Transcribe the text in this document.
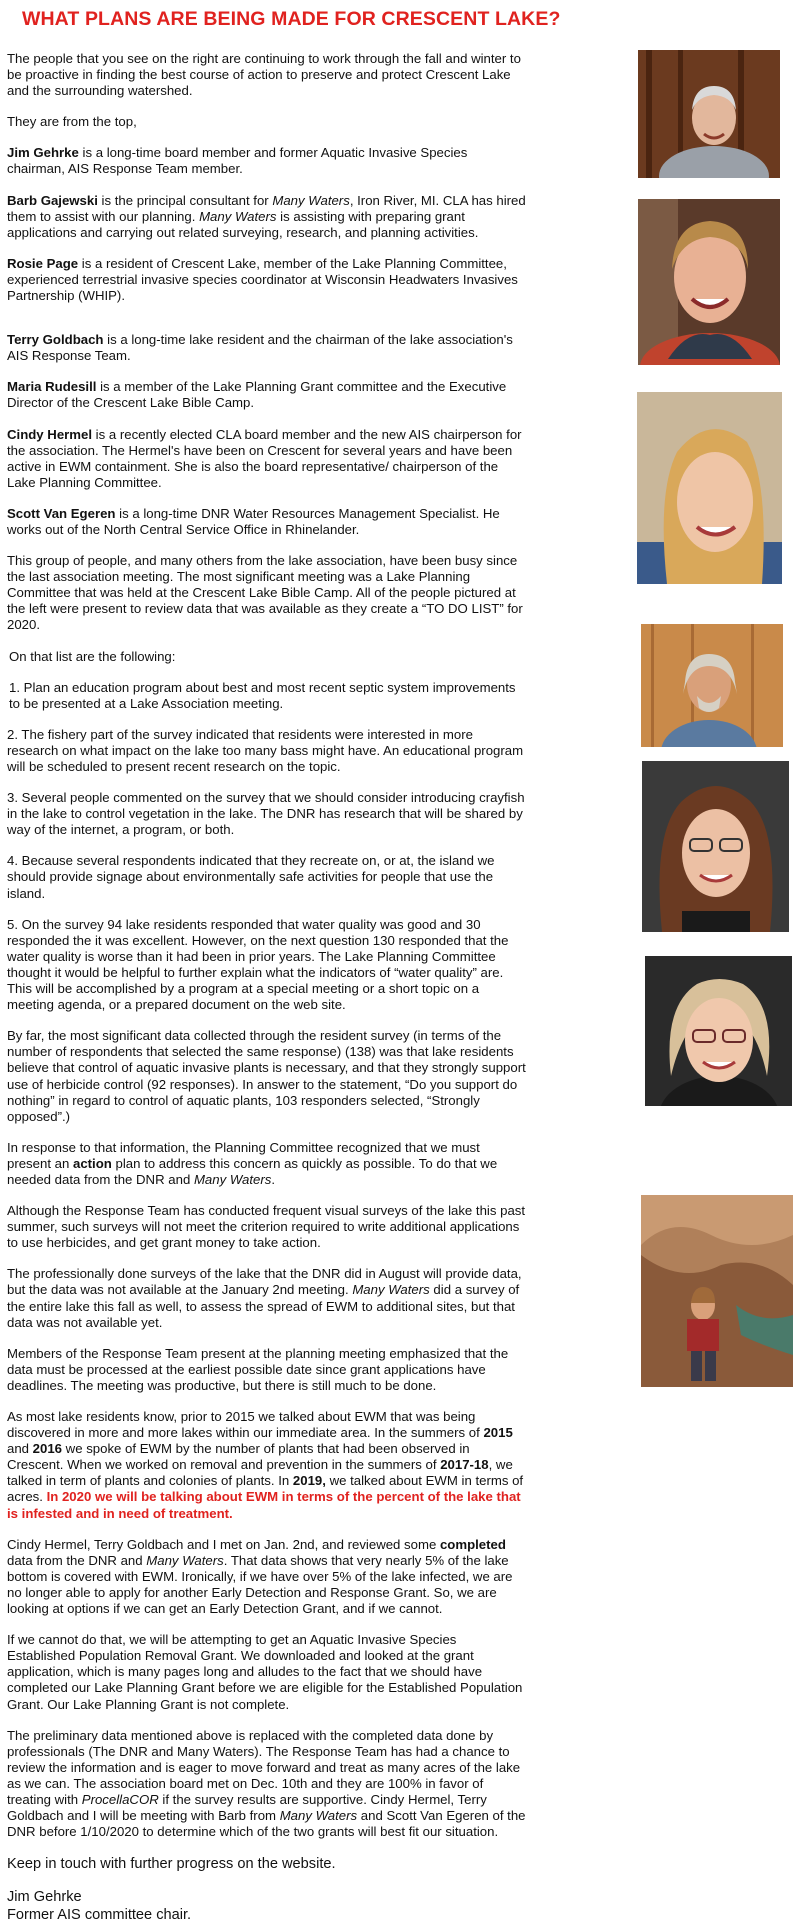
WHAT PLANS ARE BEING MADE FOR CRESCENT LAKE?

The people that you see on the right are continuing to work through the fall and winter to be proactive in finding the best course of action to preserve and protect Crescent Lake and the surrounding watershed.

They are from the top,

Jim Gehrke is a long-time board member and former Aquatic Invasive Species chairman, AIS Response Team member.

Barb Gajewski is the principal consultant for Many Waters, Iron River, MI. CLA has hired them to assist with our planning. Many Waters is assisting with preparing grant applications and carrying out related surveying, research, and planning activities.

Rosie Page is a resident of Crescent Lake, member of the Lake Planning Committee, experienced terrestrial invasive species coordinator at Wisconsin Headwaters Invasives Partnership (WHIP).

Terry Goldbach is a long-time lake resident and the chairman of the lake association's AIS Response Team.

Maria Rudesill is a member of the Lake Planning Grant committee and the Executive Director of the Crescent Lake Bible Camp.

Cindy Hermel is a recently elected CLA board member and the new AIS chairperson for the association. The Hermel's have been on Crescent for several years and have been active in EWM containment. She is also the board representative/ chairperson of the Lake Planning Committee.

Scott Van Egeren is a long-time DNR Water Resources Management Specialist. He works out of the North Central Service Office in Rhinelander.

This group of people, and many others from the lake association, have been busy since the last association meeting. The most significant meeting was a Lake Planning Committee that was held at the Crescent Lake Bible Camp. All of the people pictured at the left were present to review data that was available as they create a “TO DO LIST” for 2020.

On that list are the following:

1. Plan an education program about best and most recent septic system improvements to be presented at a Lake Association meeting.

2. The fishery part of the survey indicated that residents were interested in more research on what impact on the lake too many bass might have. An educational program will be scheduled to present recent research on the topic.

3. Several people commented on the survey that we should consider introducing crayfish in the lake to control vegetation in the lake. The DNR has research that will be shared by way of the internet, a program, or both.

4. Because several respondents indicated that they recreate on, or at, the island we should provide signage about environmentally safe activities for people that use the island.

5. On the survey 94 lake residents responded that water quality was good and 30 responded the it was excellent. However, on the next question 130 responded that the water quality is worse than it had been in prior years. The Lake Planning Committee thought it would be helpful to further explain what the indicators of “water quality” are. This will be accomplished by a program at a special meeting or a short topic on a meeting agenda, or a prepared document on the web site.

By far, the most significant data collected through the resident survey (in terms of the number of respondents that selected the same response) (138) was that lake residents believe that control of aquatic invasive plants is necessary, and that they strongly support use of herbicide control (92 responses). In answer to the statement, “Do you support do nothing” in regard to control of aquatic plants, 103 responders selected, “Strongly opposed”.)

In response to that information, the Planning Committee recognized that we must present an action plan to address this concern as quickly as possible. To do that we needed data from the DNR and Many Waters.

Although the Response Team has conducted frequent visual surveys of the lake this past summer, such surveys will not meet the criterion required to write additional applications to use herbicides, and get grant money to take action.

The professionally done surveys of the lake that the DNR did in August will provide data, but the data was not available at the January 2nd meeting. Many Waters did a survey of the entire lake this fall as well, to assess the spread of EWM to additional sites, but that data was not available yet.

Members of the Response Team present at the planning meeting emphasized that the data must be processed at the earliest possible date since grant applications have deadlines. The meeting was productive, but there is still much to be done.

As most lake residents know, prior to 2015 we talked about EWM that was being discovered in more and more lakes within our immediate area. In the summers of 2015 and 2016 we spoke of EWM by the number of plants that had been observed in Crescent. When we worked on removal and prevention in the summers of 2017-18, we talked in term of plants and colonies of plants. In 2019, we talked about EWM in terms of acres. In 2020 we will be talking about EWM in terms of the percent of the lake that is infested and in need of treatment.

Cindy Hermel, Terry Goldbach and I met on Jan. 2nd, and reviewed some completed data from the DNR and Many Waters. That data shows that very nearly 5% of the lake bottom is covered with EWM. Ironically, if we have over 5% of the lake infected, we are no longer able to apply for another Early Detection and Response Grant. So, we are looking at options if we can get an Early Detection Grant, and if we cannot.

If we cannot do that, we will be attempting to get an Aquatic Invasive Species Established Population Removal Grant. We downloaded and looked at the grant application, which is many pages long and alludes to the fact that we should have completed our Lake Planning Grant before we are eligible for the Established Population Grant. Our Lake Planning Grant is not complete.

The preliminary data mentioned above is replaced with the completed data done by professionals (The DNR and Many Waters). The Response Team has had a chance to review the information and is eager to move forward and treat as many acres of the lake as we can. The association board met on Dec. 10th and they are 100% in favor of treating with ProcellaCOR if the survey results are supportive. Cindy Hermel, Terry Goldbach and I will be meeting with Barb from Many Waters and Scott Van Egeren of the DNR before 1/10/2020 to determine which of the two grants will best fit our situation.

Keep in touch with further progress on the website.

Jim Gehrke
Former AIS committee chair.
